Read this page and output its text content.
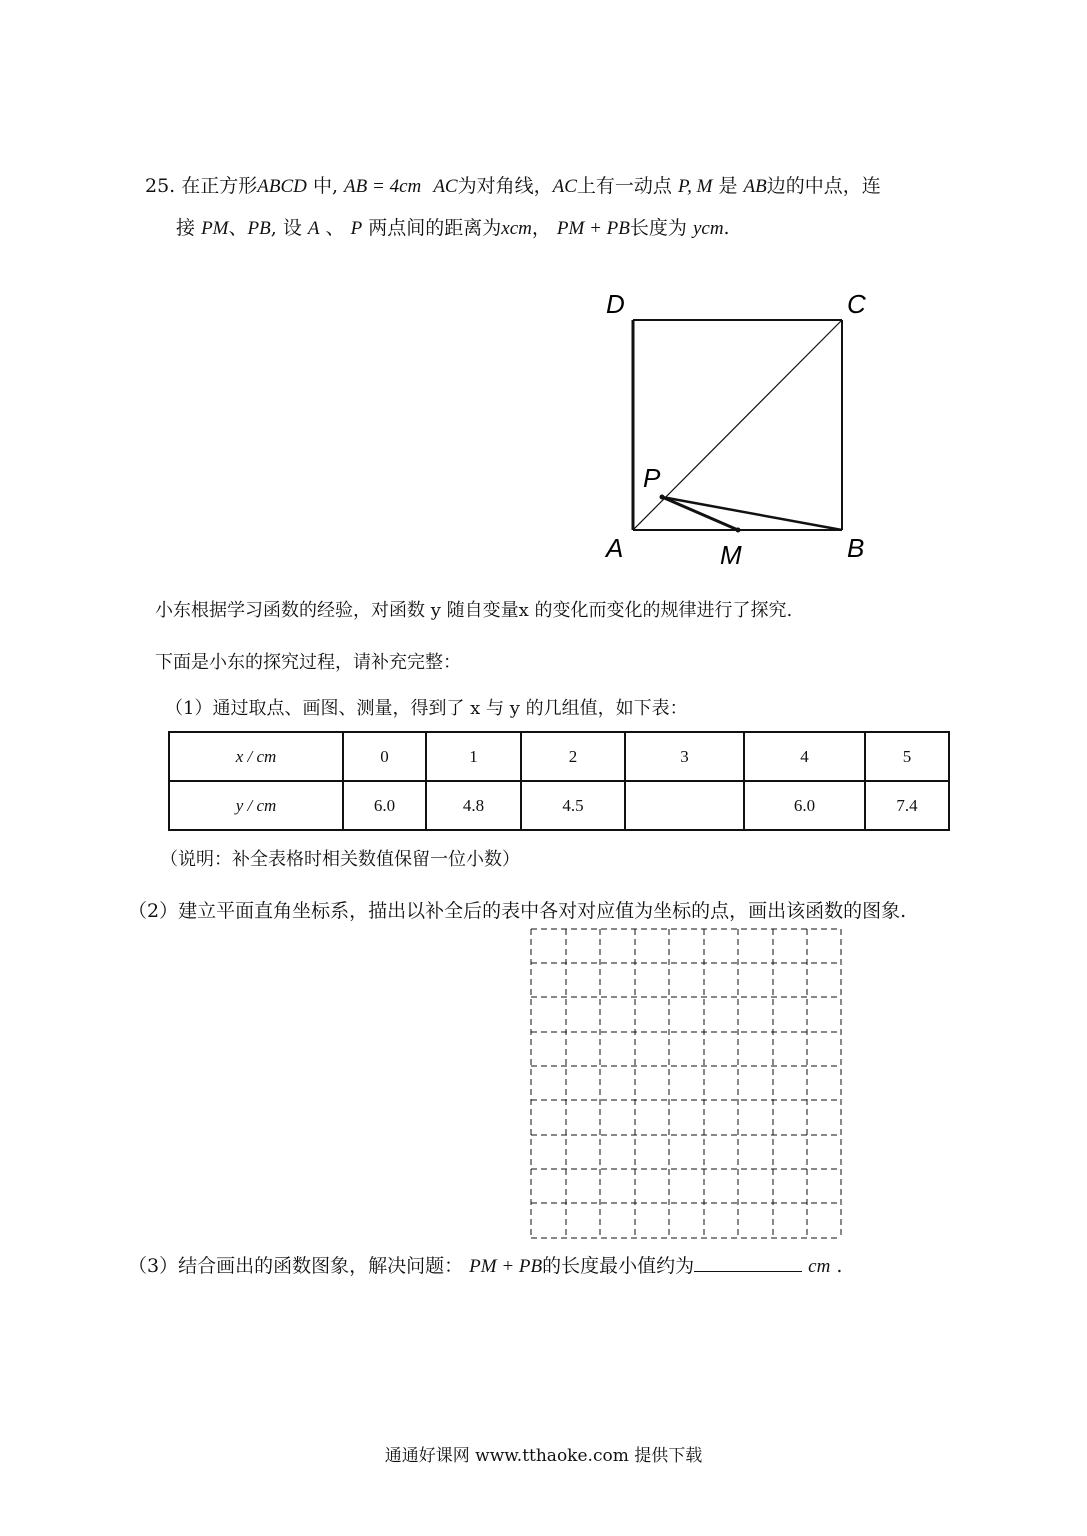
25. 在正方形ABCD 中, AB = 4cm AC为对角线，AC上有一动点 P, M 是 AB边的中点，连
接 PM、PB, 设 A 、 P 两点间的距离为xcm， PM + PB长度为 ycm.
D	C
P
A	M	B
小东根据学习函数的经验，对函数 y 随自变量x 的变化而变化的规律进行了探究.
下面是小东的探究过程，请补充完整：
（1）通过取点、画图、测量，得到了 x 与 y 的几组值，如下表：
x / cm	0	1	2	3	4	5
y / cm	6.0	4.8	4.5		6.0	7.4
（说明：补全表格时相关数值保留一位小数）
（2）建立平面直角坐标系，描出以补全后的表中各对对应值为坐标的点，画出该函数的图象.
（3）结合画出的函数图象，解决问题： PM + PB的长度最小值约为	cm .
通通好课网 www.tthaoke.com 提供下载
